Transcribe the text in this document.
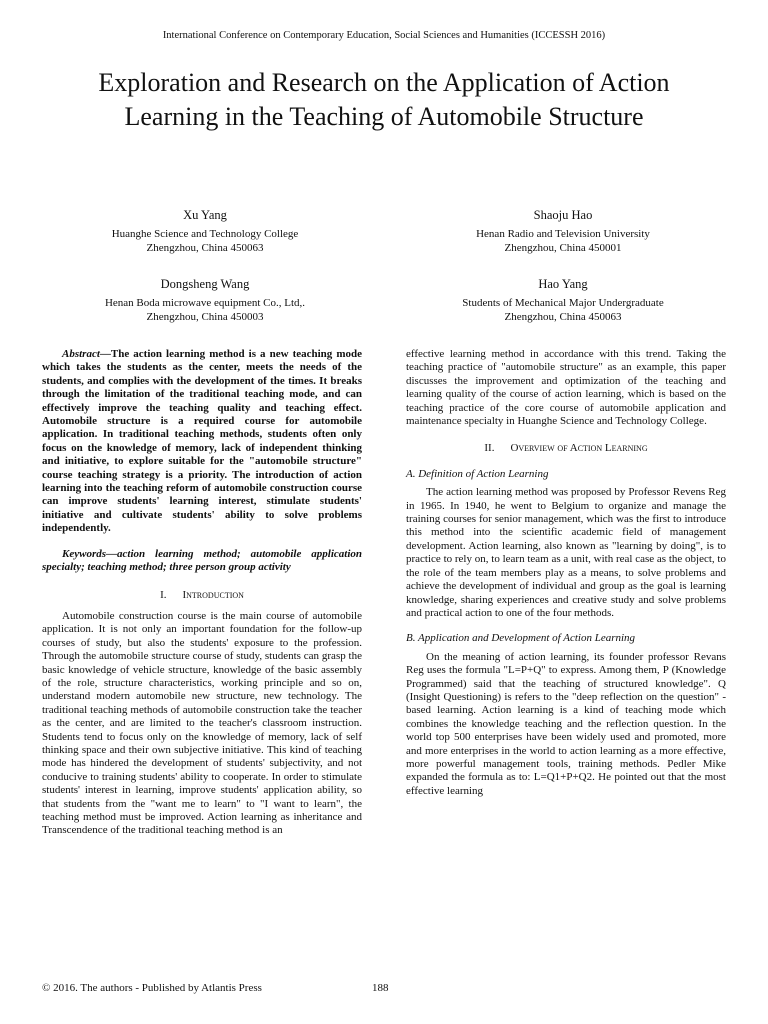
International Conference on Contemporary Education, Social Sciences and Humanities (ICCESSH 2016)
Exploration and Research on the Application of Action Learning in the Teaching of Automobile Structure
Xu Yang
Huanghe Science and Technology College
Zhengzhou, China 450063
Shaoju Hao
Henan Radio and Television University
Zhengzhou, China 450001
Dongsheng Wang
Henan Boda microwave equipment Co., Ltd,.
Zhengzhou, China 450003
Hao Yang
Students of Mechanical Major Undergraduate
Zhengzhou, China 450063

Abstract—The action learning method is a new teaching mode which takes the students as the center, meets the needs of the students, and complies with the development of the times. It breaks through the limitation of the traditional teaching mode, and can effectively improve the teaching quality and teaching effect. Automobile structure is a required course for automobile application. In traditional teaching methods, students often only focus on the knowledge of memory, lack of independent thinking and initiative, to explore suitable for the "automobile structure" course teaching strategy is a priority. The introduction of action learning into the teaching reform of automobile construction course can improve students' learning interest, stimulate students' initiative and cultivate students' ability to solve problems independently.

Keywords—action learning method; automobile application specialty; teaching method; three person group activity

I. Introduction

Automobile construction course is the main course of automobile application. It is not only an important foundation for the follow-up courses of study, but also the students' exposure to the profession. Through the automobile structure course of study, students can grasp the basic knowledge of vehicle structure, knowledge of the basic assembly of the role, structure characteristics, working principle and so on, understand modern automobile new structure, new technology. The traditional teaching methods of automobile construction take the teacher as the center, and are limited to the teacher's classroom instruction. Students tend to focus only on the knowledge of memory, lack of self thinking space and their own subjective initiative. This kind of teaching mode has hindered the development of students' subjectivity, and not conducive to training students' ability to cooperate. In order to stimulate students' interest in learning, improve students' application ability, so that students from the "want me to learn" to "I want to learn", the teaching method must be improved. Action learning as inheritance and Transcendence of the traditional teaching method is an

effective learning method in accordance with this trend. Taking the teaching practice of "automobile structure" as an example, this paper discusses the improvement and optimization of the teaching and learning quality of the course of action learning, which is based on the teaching practice of the core course of automobile application and maintenance specialty in Huanghe Science and Technology College.

II. Overview of Action Learning

A. Definition of Action Learning

The action learning method was proposed by Professor Revens Reg in 1965. In 1940, he went to Belgium to organize and manage the training courses for senior management, which was the first to introduce this method into the scientific academic field of management development. Action learning, also known as "learning by doing", is to practice to rely on, to learn team as a unit, with real case as the object, to the role of the team members play as a means, to solve problems and achieve the development of individual and group as the goal is learning knowledge, sharing experiences and creative study and solve problems and practical action to one of the four methods.

B. Application and Development of Action Learning

On the meaning of action learning, its founder professor Revans Reg uses the formula "L=P+Q" to express. Among them, P (Knowledge Programmed) said that the teaching of structured knowledge". Q (Insight Questioning) is refers to the "deep reflection on the question" - based learning. Action learning is a kind of teaching mode which combines the knowledge teaching and the reflection question. In the world top 500 enterprises have been widely used and promoted, more and more enterprises in the world to action learning as a more effective, more powerful management tools, training methods. Pedler Mike expanded the formula as to: L=Q1+P+Q2. He pointed out that the most effective learning

© 2016. The authors - Published by Atlantis Press	188
